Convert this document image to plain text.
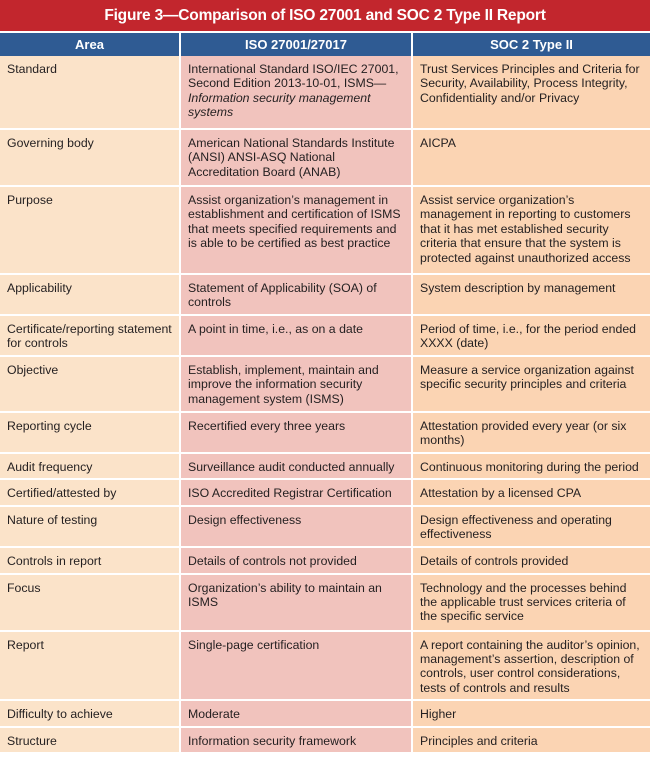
Figure 3—Comparison of ISO 27001 and SOC 2 Type II Report
Area	ISO 27001/27017	SOC 2 Type II
Standard	International Standard ISO/IEC 27001, Second Edition 2013-10-01, ISMS— Information security management systems	Trust Services Principles and Criteria for Security, Availability, Process Integrity, Confidentiality and/or Privacy
Governing body	American National Standards Institute (ANSI) ANSI-ASQ National Accreditation Board (ANAB)	AICPA
Purpose	Assist organization’s management in establishment and certification of ISMS that meets specified requirements and is able to be certified as best practice	Assist service organization’s management in reporting to customers that it has met established security criteria that ensure that the system is protected against unauthorized access
Applicability	Statement of Applicability (SOA) of controls	System description by management
Certificate/reporting statement for controls	A point in time, i.e., as on a date	Period of time, i.e., for the period ended XXXX (date)
Objective	Establish, implement, maintain and improve the information security management system (ISMS)	Measure a service organization against specific security principles and criteria
Reporting cycle	Recertified every three years	Attestation provided every year (or six months)
Audit frequency	Surveillance audit conducted annually	Continuous monitoring during the period
Certified/attested by	ISO Accredited Registrar Certification	Attestation by a licensed CPA
Nature of testing	Design effectiveness	Design effectiveness and operating effectiveness
Controls in report	Details of controls not provided	Details of controls provided
Focus	Organization’s ability to maintain an ISMS	Technology and the processes behind the applicable trust services criteria of the specific service
Report	Single-page certification	A report containing the auditor’s opinion, management’s assertion, description of controls, user control considerations, tests of controls and results
Difficulty to achieve	Moderate	Higher
Structure	Information security framework	Principles and criteria
